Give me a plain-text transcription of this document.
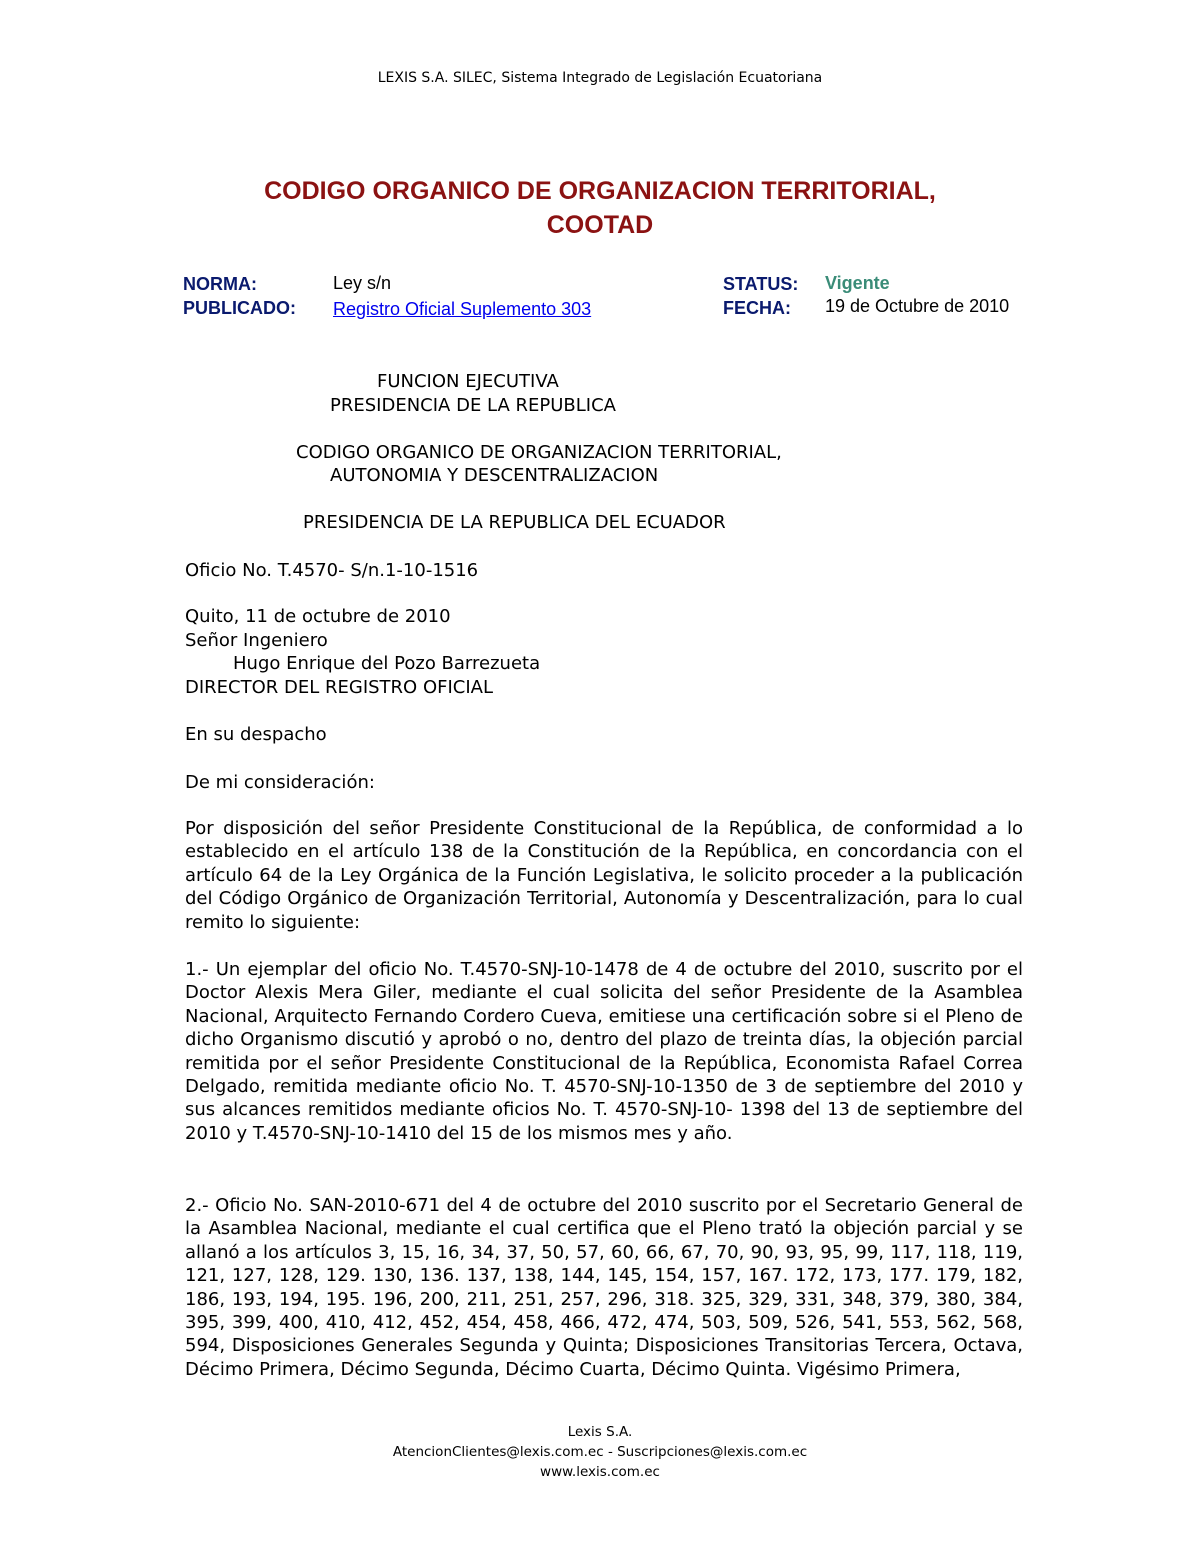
LEXIS S.A. SILEC, Sistema Integrado de Legislación Ecuatoriana
CODIGO ORGANICO DE ORGANIZACION TERRITORIAL,
COOTAD
NORMA:	Ley s/n
PUBLICADO: Registro Oficial Suplemento 303
STATUS: Vigente
FECHA: 19 de Octubre de 2010
FUNCION EJECUTIVA
PRESIDENCIA DE LA REPUBLICA
CODIGO ORGANICO DE ORGANIZACION TERRITORIAL,
AUTONOMIA Y DESCENTRALIZACION
PRESIDENCIA DE LA REPUBLICA DEL ECUADOR
Oficio No. T.4570- S/n.1-10-1516
Quito, 11 de octubre de 2010
Señor Ingeniero
Hugo Enrique del Pozo Barrezueta
DIRECTOR DEL REGISTRO OFICIAL
En su despacho
De mi consideración:
Por disposición del señor Presidente Constitucional de la República, de conformidad a lo establecido en el artículo 138 de la Constitución de la República, en concordancia con el artículo 64 de la Ley Orgánica de la Función Legislativa, le solicito proceder a la publicación del Código Orgánico de Organización Territorial, Autonomía y Descentralización, para lo cual remito lo siguiente:
1.- Un ejemplar del oficio No. T.4570-SNJ-10-1478 de 4 de octubre del 2010, suscrito por el Doctor Alexis Mera Giler, mediante el cual solicita del señor Presidente de la Asamblea Nacional, Arquitecto Fernando Cordero Cueva, emitiese una certificación sobre si el Pleno de dicho Organismo discutió y aprobó o no, dentro del plazo de treinta días, la objeción parcial remitida por el señor Presidente Constitucional de la República, Economista Rafael Correa Delgado, remitida mediante oficio No. T. 4570-SNJ-10-1350 de 3 de septiembre del 2010 y sus alcances remitidos mediante oficios No. T. 4570-SNJ-10- 1398 del 13 de septiembre del 2010 y T.4570-SNJ-10-1410 del 15 de los mismos mes y año.
2.- Oficio No. SAN-2010-671 del 4 de octubre del 2010 suscrito por el Secretario General de la Asamblea Nacional, mediante el cual certifica que el Pleno trató la objeción parcial y se allanó a los artículos 3, 15, 16, 34, 37, 50, 57, 60, 66, 67, 70, 90, 93, 95, 99, 117, 118, 119, 121, 127, 128, 129. 130, 136. 137, 138, 144, 145, 154, 157, 167. 172, 173, 177. 179, 182, 186, 193, 194, 195. 196, 200, 211, 251, 257, 296, 318. 325, 329, 331, 348, 379, 380, 384, 395, 399, 400, 410, 412, 452, 454, 458, 466, 472, 474, 503, 509, 526, 541, 553, 562, 568, 594, Disposiciones Generales Segunda y Quinta; Disposiciones Transitorias Tercera, Octava, Décimo Primera, Décimo Segunda, Décimo Cuarta, Décimo Quinta. Vigésimo Primera,
Lexis S.A.
AtencionClientes@lexis.com.ec - Suscripciones@lexis.com.ec
www.lexis.com.ec
